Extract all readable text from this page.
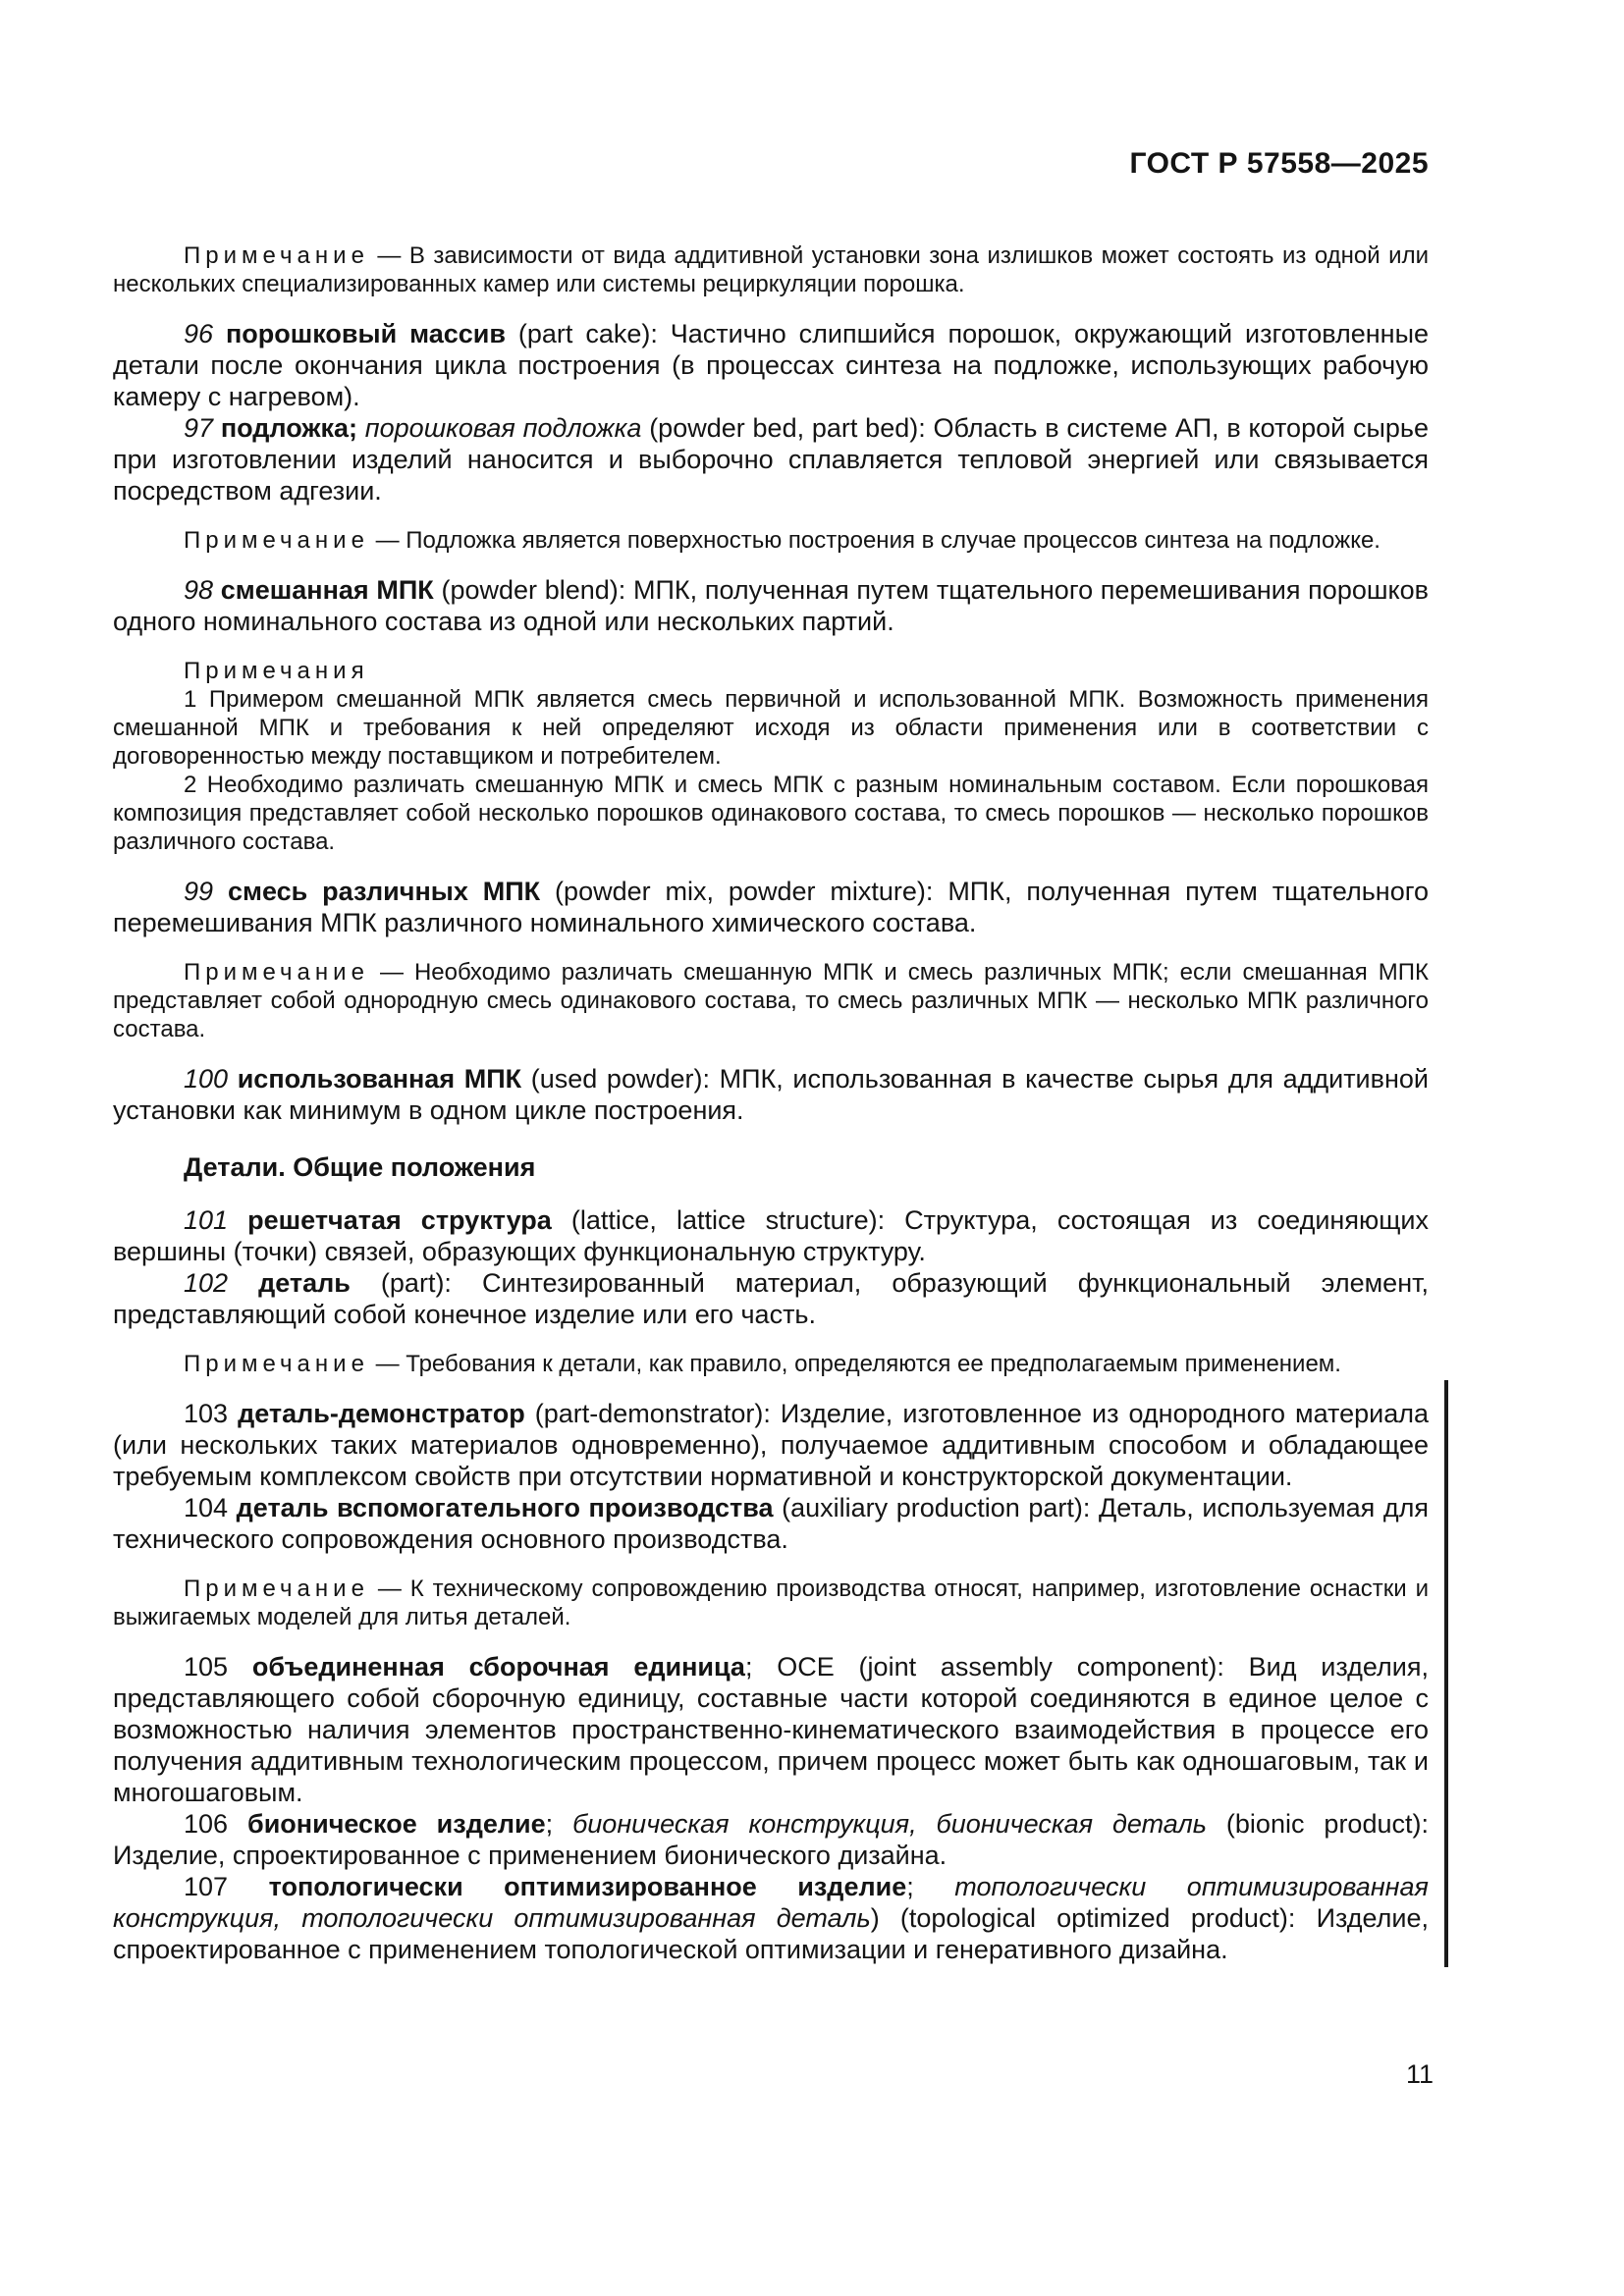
ГОСТ Р 57558—2025
Примечание — В зависимости от вида аддитивной установки зона излишков может состоять из одной или нескольких специализированных камер или системы рециркуляции порошка.
96 порошковый массив (part cake): Частично слипшийся порошок, окружающий изготовленные детали после окончания цикла построения (в процессах синтеза на подложке, использующих рабочую камеру с нагревом).
97 подложка; порошковая подложка (powder bed, part bed): Область в системе АП, в которой сырье при изготовлении изделий наносится и выборочно сплавляется тепловой энергией или связывается посредством адгезии.
Примечание — Подложка является поверхностью построения в случае процессов синтеза на подложке.
98 смешанная МПК (powder blend): МПК, полученная путем тщательного перемешивания порошков одного номинального состава из одной или нескольких партий.
Примечания
1 Примером смешанной МПК является смесь первичной и использованной МПК. Возможность применения смешанной МПК и требования к ней определяют исходя из области применения или в соответствии с договоренностью между поставщиком и потребителем.
2 Необходимо различать смешанную МПК и смесь МПК с разным номинальным составом. Если порошковая композиция представляет собой несколько порошков одинакового состава, то смесь порошков — несколько порошков различного состава.
99 смесь различных МПК (powder mix, powder mixture): МПК, полученная путем тщательного перемешивания МПК различного номинального химического состава.
Примечание — Необходимо различать смешанную МПК и смесь различных МПК; если смешанная МПК представляет собой однородную смесь одинакового состава, то смесь различных МПК — несколько МПК различного состава.
100 использованная МПК (used powder): МПК, использованная в качестве сырья для аддитивной установки как минимум в одном цикле построения.
Детали. Общие положения
101 решетчатая структура (lattice, lattice structure): Структура, состоящая из соединяющих вершины (точки) связей, образующих функциональную структуру.
102 деталь (part): Синтезированный материал, образующий функциональный элемент, представляющий собой конечное изделие или его часть.
Примечание — Требования к детали, как правило, определяются ее предполагаемым применением.
103 деталь-демонстратор (part-demonstrator): Изделие, изготовленное из однородного материала (или нескольких таких материалов одновременно), получаемое аддитивным способом и обладающее требуемым комплексом свойств при отсутствии нормативной и конструкторской документации.
104 деталь вспомогательного производства (auxiliary production part): Деталь, используемая для технического сопровождения основного производства.
Примечание — К техническому сопровождению производства относят, например, изготовление оснастки и выжигаемых моделей для литья деталей.
105 объединенная сборочная единица; ОСЕ (joint assembly component): Вид изделия, представляющего собой сборочную единицу, составные части которой соединяются в единое целое с возможностью наличия элементов пространственно-кинематического взаимодействия в процессе его получения аддитивным технологическим процессом, причем процесс может быть как одношаговым, так и многошаговым.
106 бионическое изделие; бионическая конструкция, бионическая деталь (bionic product): Изделие, спроектированное с применением бионического дизайна.
107 топологически оптимизированное изделие; топологически оптимизированная конструкция, топологически оптимизированная деталь) (topological optimized product): Изделие, спроектированное с применением топологической оптимизации и генеративного дизайна.
11
